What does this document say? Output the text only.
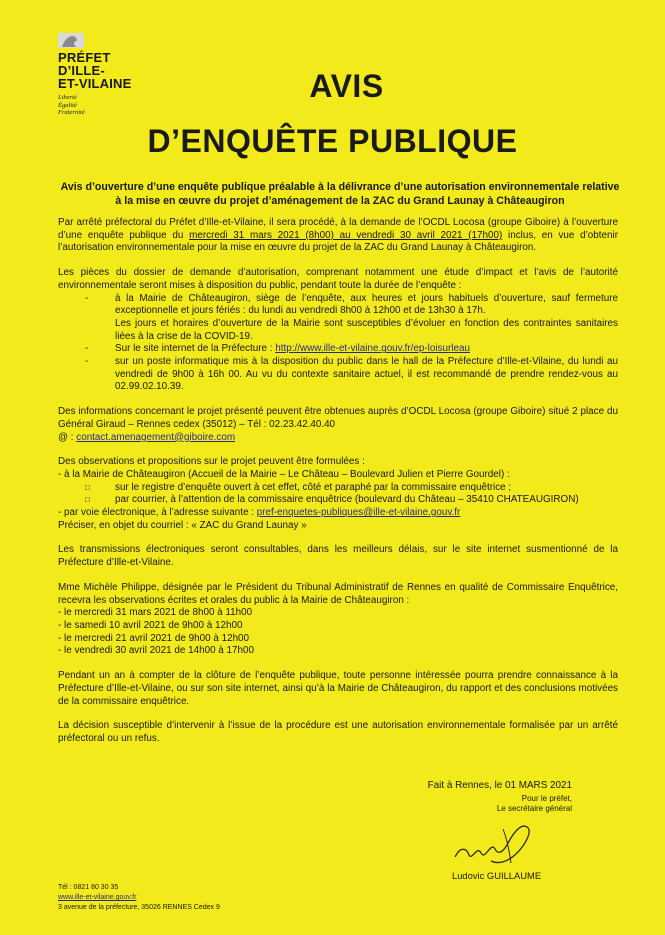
PRÉFET
D’ILLE-
ET-VILAINE
Liberté
Égalité
Fraternité
AVIS
D’ENQUÊTE PUBLIQUE
Avis d’ouverture d’une enquête publique préalable à la délivrance d’une autorisation environnementale relative à la mise en œuvre du projet d’aménagement de la ZAC du Grand Launay à Châteaugiron

Par arrêté préfectoral du Préfet d’Ille-et-Vilaine, il sera procédé, à la demande de l’OCDL Locosa (groupe Giboire) à l’ouverture d’une enquête publique du mercredi 31 mars 2021 (8h00) au vendredi 30 avril 2021 (17h00) inclus, en vue d’obtenir l’autorisation environnementale pour la mise en œuvre du projet de la ZAC du Grand Launay à Châteaugiron.

Les pièces du dossier de demande d’autorisation, comprenant notamment une étude d’impact et l’avis de l’autorité environnementale seront mises à disposition du public, pendant toute la durée de l’enquête :

-	à la Mairie de Châteaugiron, siège de l’enquête, aux heures et jours habituels d’ouverture, sauf fermeture exceptionnelle et jours fériés : du lundi au vendredi 8h00 à 12h00 et de 13h30 à 17h.
Les jours et horaires d’ouverture de la Mairie sont susceptibles d’évoluer en fonction des contraintes sanitaires liées à la crise de la COVID-19.
-	Sur le site internet de la Préfecture : http://www.ille-et-vilaine.gouv.fr/ep-loisurleau
-	sur un poste informatique mis à la disposition du public dans le hall de la Préfecture d’Ille-et-Vilaine, du lundi au vendredi de 9h00 à 16h 00. Au vu du contexte sanitaire actuel, il est recommandé de prendre rendez-vous au 02.99.02.10.39.

Des informations concernant le projet présenté peuvent être obtenues auprès d’OCDL Locosa (groupe Giboire) situé 2 place du Général Giraud – Rennes cedex (35012) – Tél : 02.23.42.40.40

@ : contact.amenagement@giboire.com

Des observations et propositions sur le projet peuvent être formulées :

- à la Mairie de Châteaugiron (Accueil de la Mairie – Le Château – Boulevard Julien et Pierre Gourdel) :

□	sur le registre d’enquête ouvert à cet effet, côté et paraphé par la commissaire enquêtrice ;
□	par courrier, à l’attention de la commissaire enquêtrice (boulevard du Château – 35410 CHATEAUGIRON)

- par voie électronique, à l’adresse suivante : pref-enquetes-publiques@ille-et-vilaine.gouv.fr

Préciser, en objet du courriel : « ZAC du Grand Launay »

Les transmissions électroniques seront consultables, dans les meilleurs délais, sur le site internet susmentionné de la Préfecture d’Ille-et-Vilaine.

Mme Michèle Philippe, désignée par le Président du Tribunal Administratif de Rennes en qualité de Commissaire Enquêtrice, recevra les observations écrites et orales du public à la Mairie de Châteaugiron :

- le mercredi 31 mars 2021 de 8h00 à 11h00

- le samedi 10 avril 2021 de 9h00 à 12h00

- le mercredi 21 avril 2021 de 9h00 à 12h00

- le vendredi 30 avril 2021 de 14h00 à 17h00

Pendant un an à compter de la clôture de l’enquête publique, toute personne intéressée pourra prendre connaissance à la Préfecture d’Ille-et-Vilaine, ou sur son site internet, ainsi qu’à la Mairie de Châteaugiron, du rapport et des conclusions motivées de la commissaire enquêtrice.

La décision susceptible d’intervenir à l’issue de la procédure est une autorisation environnementale formalisée par un arrêté préfectoral ou un refus.

Fait à Rennes, le 01 MARS 2021
Pour le préfet,
Le secrétaire général
Ludovic GUILLAUME
Tél : 0821 80 30 35
www.ille-et-vilaine.gouv.fr
3 avenue de la préfecture, 35026 RENNES Cedex 9
